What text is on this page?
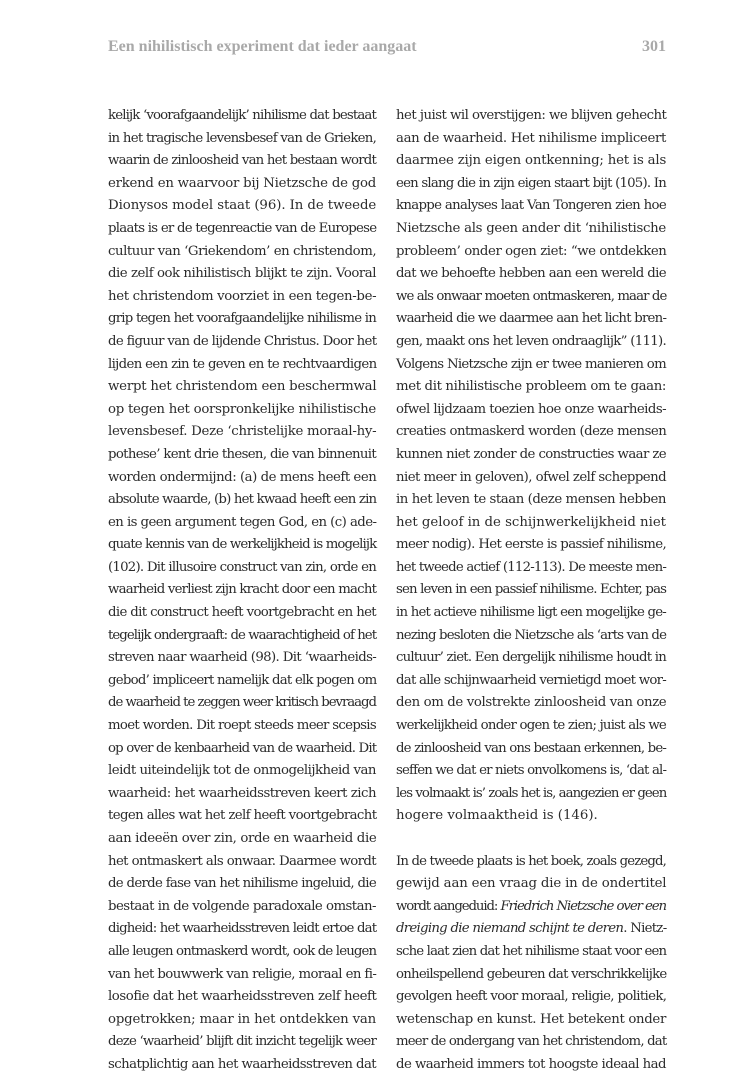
Een nihilistisch experiment dat ieder aangaat	301
kelijk ‘voorafgaandelijk’ nihilisme dat bestaat
in het tragische levensbesef van de Grieken,
waarin de zinloosheid van het bestaan wordt
erkend en waarvoor bij Nietzsche de god
Dionysos model staat (96). In de tweede
plaats is er de tegenreactie van de Europese
cultuur van ‘Griekendom’ en christendom,
die zelf ook nihilistisch blijkt te zijn. Vooral
het christendom voorziet in een tegen-be-
grip tegen het voorafgaandelijke nihilisme in
de figuur van de lijdende Christus. Door het
lijden een zin te geven en te rechtvaardigen
werpt het christendom een beschermwal
op tegen het oorspronkelijke nihilistische
levensbesef. Deze ‘christelijke moraal-hy-
pothese’ kent drie thesen, die van binnenuit
worden ondermijnd: (a) de mens heeft een
absolute waarde, (b) het kwaad heeft een zin
en is geen argument tegen God, en (c) ade-
quate kennis van de werkelijkheid is mogelijk
(102). Dit illusoire construct van zin, orde en
waarheid verliest zijn kracht door een macht
die dit construct heeft voortgebracht en het
tegelijk ondergraaft: de waarachtigheid of het
streven naar waarheid (98). Dit ‘waarheids-
gebod’ impliceert namelijk dat elk pogen om
de waarheid te zeggen weer kritisch bevraagd
moet worden. Dit roept steeds meer scepsis
op over de kenbaarheid van de waarheid. Dit
leidt uiteindelijk tot de onmogelijkheid van
waarheid: het waarheidsstreven keert zich
tegen alles wat het zelf heeft voortgebracht
aan ideeën over zin, orde en waarheid die
het ontmaskert als onwaar. Daarmee wordt
de derde fase van het nihilisme ingeluid, die
bestaat in de volgende paradoxale omstan-
digheid: het waarheidsstreven leidt ertoe dat
alle leugen ontmaskerd wordt, ook de leugen
van het bouwwerk van religie, moraal en fi-
losofie dat het waarheidsstreven zelf heeft
opgetrokken; maar in het ontdekken van
deze ‘waarheid’ blijft dit inzicht tegelijk weer
schatplichtig aan het waarheidsstreven dat
het juist wil overstijgen: we blijven gehecht
aan de waarheid. Het nihilisme impliceert
daarmee zijn eigen ontkenning; het is als
een slang die in zijn eigen staart bijt (105). In
knappe analyses laat Van Tongeren zien hoe
Nietzsche als geen ander dit ‘nihilistische
probleem’ onder ogen ziet: “we ontdekken
dat we behoefte hebben aan een wereld die
we als onwaar moeten ontmaskeren, maar de
waarheid die we daarmee aan het licht bren-
gen, maakt ons het leven ondraaglijk” (111).
Volgens Nietzsche zijn er twee manieren om
met dit nihilistische probleem om te gaan:
ofwel lijdzaam toezien hoe onze waarheids-
creaties ontmaskerd worden (deze mensen
kunnen niet zonder de constructies waar ze
niet meer in geloven), ofwel zelf scheppend
in het leven te staan (deze mensen hebben
het geloof in de schijnwerkelijkheid niet
meer nodig). Het eerste is passief nihilisme,
het tweede actief (112-113). De meeste men-
sen leven in een passief nihilisme. Echter, pas
in het actieve nihilisme ligt een mogelijke ge-
nezing besloten die Nietzsche als ‘arts van de
cultuur’ ziet. Een dergelijk nihilisme houdt in
dat alle schijnwaarheid vernietigd moet wor-
den om de volstrekte zinloosheid van onze
werkelijkheid onder ogen te zien; juist als we
de zinloosheid van ons bestaan erkennen, be-
seffen we dat er niets onvolkomens is, ‘dat al-
les volmaakt is’ zoals het is, aangezien er geen
hogere volmaaktheid is (146).
In de tweede plaats is het boek, zoals gezegd,
gewijd aan een vraag die in de ondertitel
wordt aangeduid: Friedrich Nietzsche over een
dreiging die niemand schijnt te deren. Nietz-
sche laat zien dat het nihilisme staat voor een
onheilspellend gebeuren dat verschrikkelijke
gevolgen heeft voor moraal, religie, politiek,
wetenschap en kunst. Het betekent onder
meer de ondergang van het christendom, dat
de waarheid immers tot hoogste ideaal had
